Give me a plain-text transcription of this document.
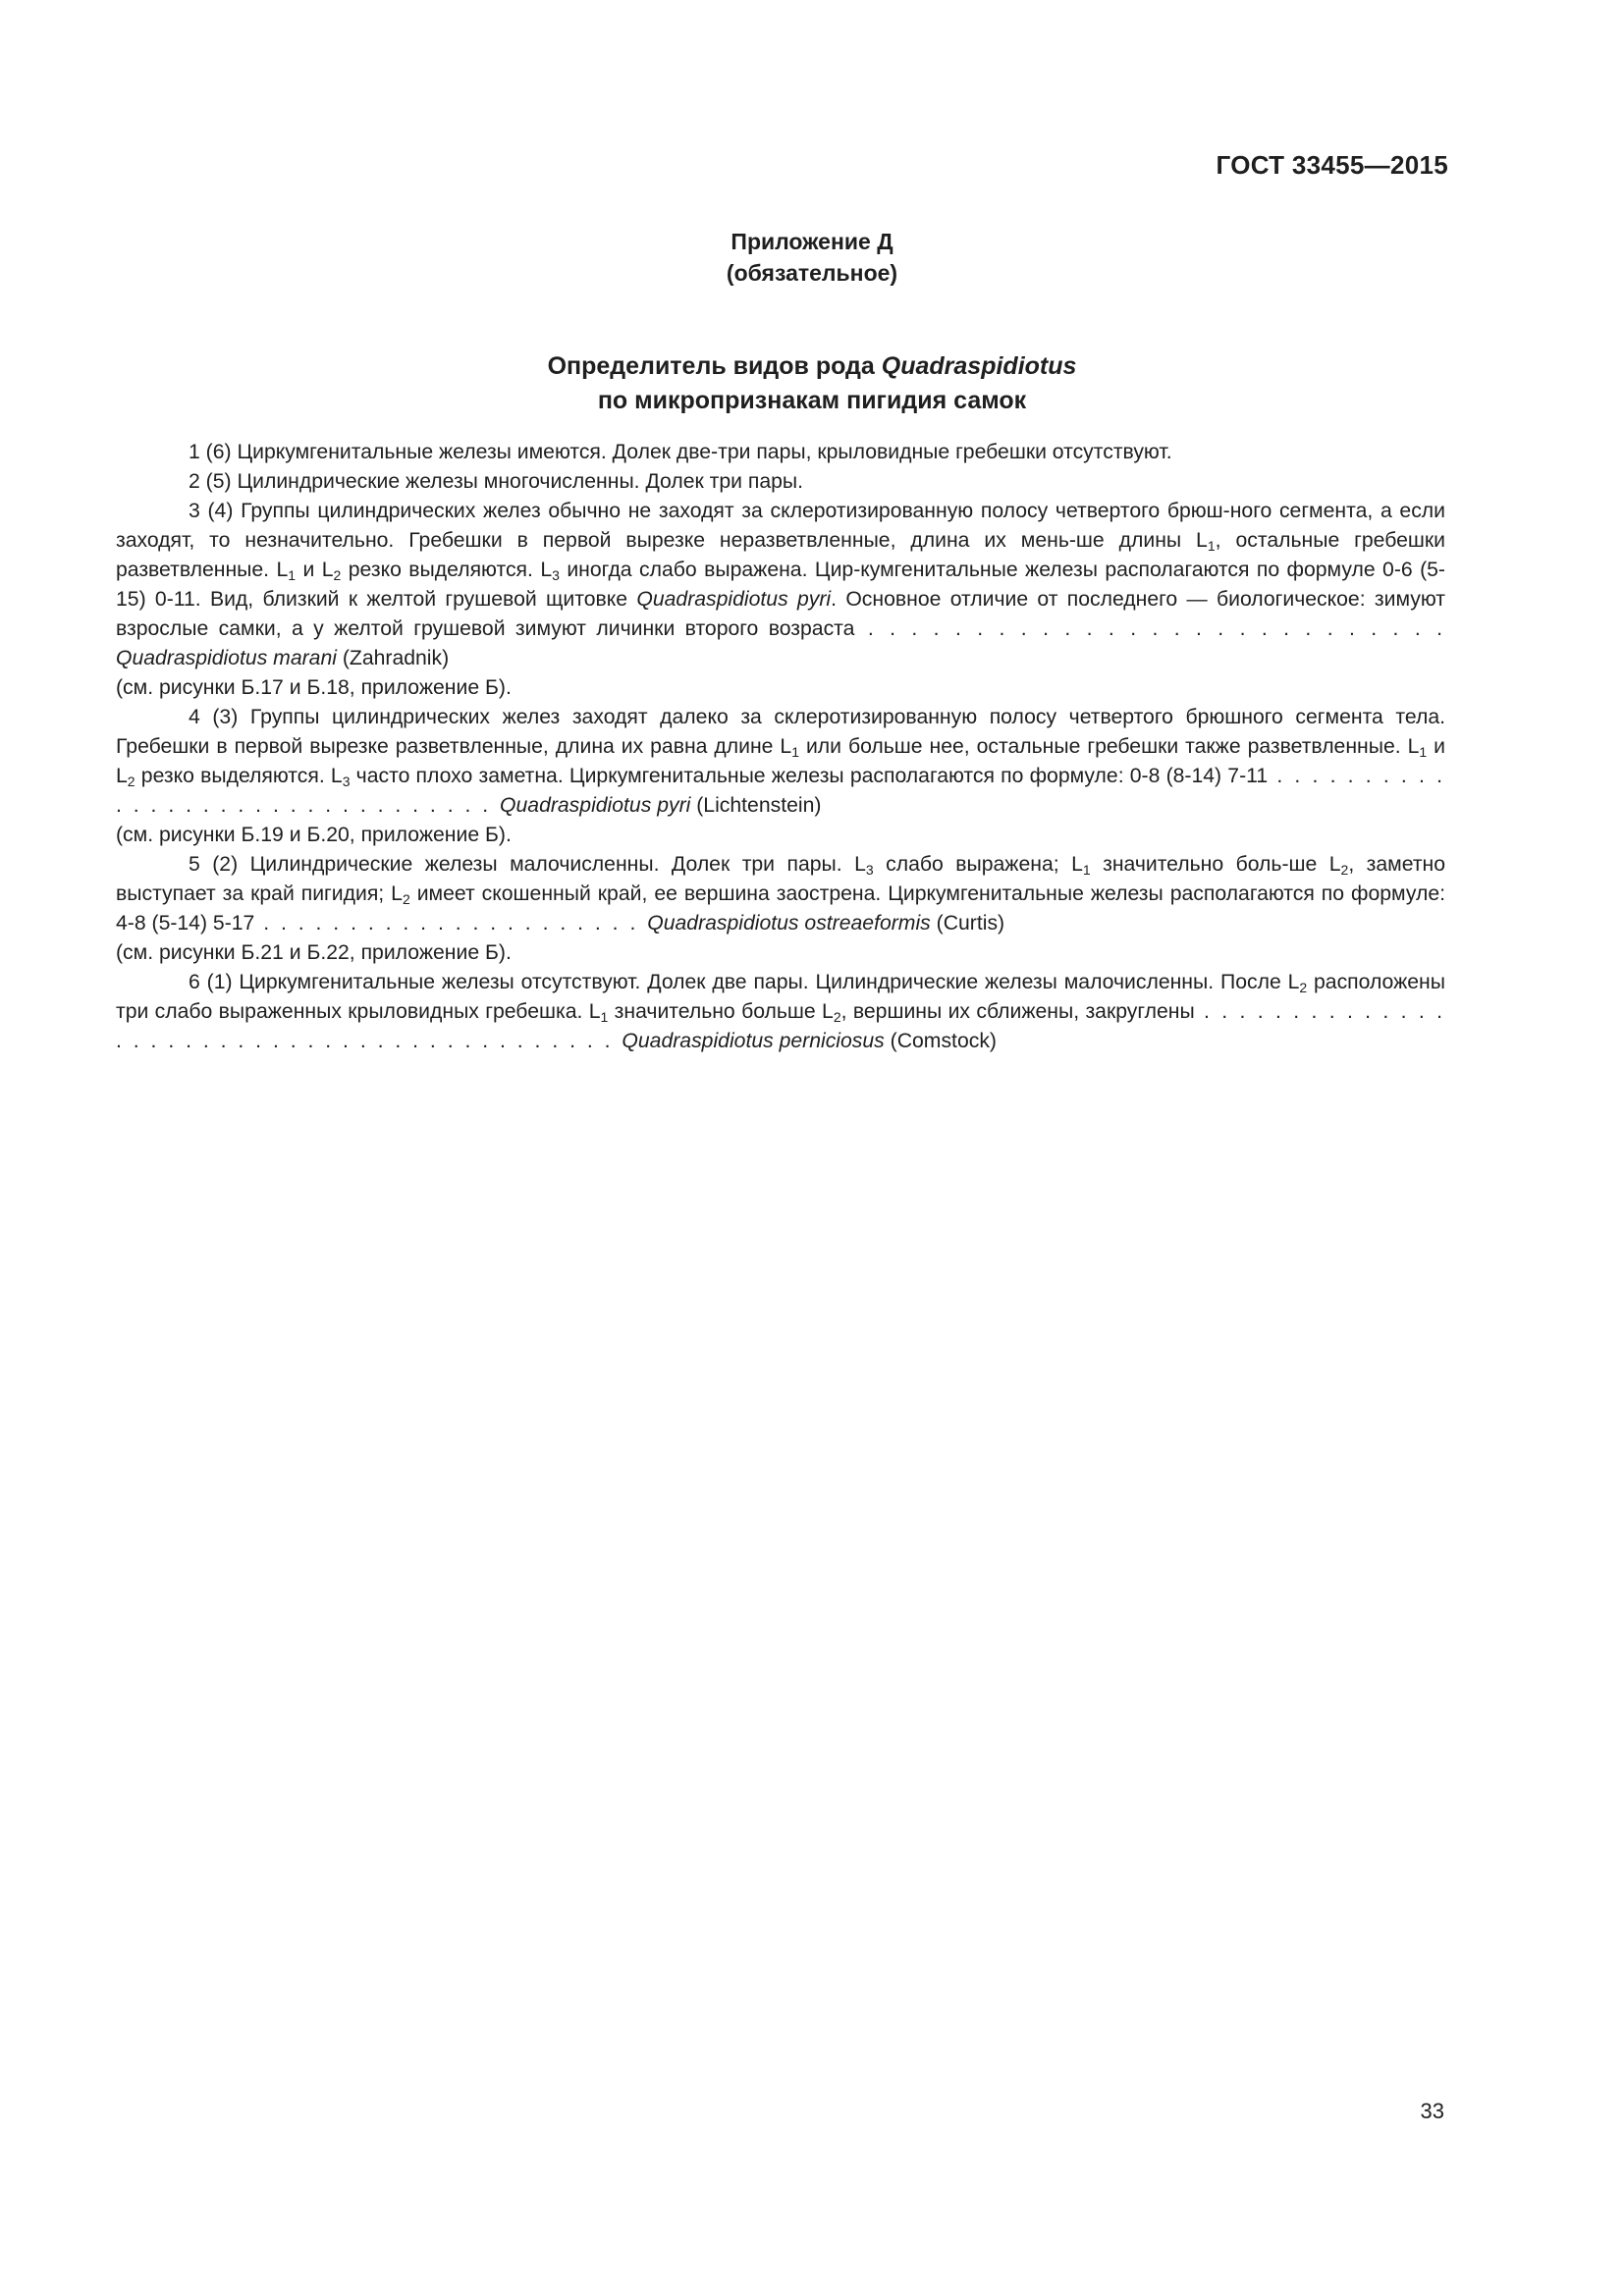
ГОСТ 33455—2015
Приложение Д
(обязательное)
Определитель видов рода Quadraspidiotus
по микропризнакам пигидия самок
1 (6) Циркумгенитальные железы имеются. Долек две-три пары, крыловидные гребешки отсутствуют.
2 (5) Цилиндрические железы многочисленны. Долек три пары.
3 (4) Группы цилиндрических желез обычно не заходят за склеротизированную полосу четвертого брюш-ного сегмента, а если заходят, то незначительно. Гребешки в первой вырезке неразветвленные, длина их мень-ше длины $L_1$, остальные гребешки разветвленные. $L_1$ и $L_2$ резко выделяются. $L_3$ иногда слабо выражена. Цир-кумгенитальные железы располагаются по формуле 0-6 (5-15) 0-11. Вид, близкий к желтой грушевой щитовке Quadraspidiotus pyri. Основное отличие от последнего — биологическое: зимуют взрослые самки, а у желтой грушевой зимуют личинки второго возраста . . . . . . . . . . . . . . . . . . . . . . . . . . . Quadraspidiotus marani (Zahradnik)
(см. рисунки Б.17 и Б.18, приложение Б).
4 (3) Группы цилиндрических желез заходят далеко за склеротизированную полосу четвертого брюшного сегмента тела. Гребешки в первой вырезке разветвленные, длина их равна длине $L_1$ или больше нее, остальные гребешки также разветвленные. $L_1$ и $L_2$ резко выделяются. $L_3$ часто плохо заметна. Циркумгенитальные железы располагаются по формуле: 0-8 (8-14) 7-11 . . . . . . . . . . . . . . . . . . . . . . . . . . . . . . . . Quadraspidiotus pyri (Lichtenstein)
(см. рисунки Б.19 и Б.20, приложение Б).
5 (2) Цилиндрические железы малочисленны. Долек три пары. $L_3$ слабо выражена; $L_1$ значительно боль-ше $L_2$, заметно выступает за край пигидия; $L_2$ имеет скошенный край, ее вершина заострена. Циркумгенитальные железы располагаются по формуле: 4-8 (5-14) 5-17 . . . . . . . . . . . . . . . . . . . . . . Quadraspidiotus ostreaeformis (Curtis)
(см. рисунки Б.21 и Б.22, приложение Б).
6 (1) Циркумгенитальные железы отсутствуют. Долек две пары. Цилиндрические железы малочисленны. После $L_2$ расположены три слабо выраженных крыловидных гребешка. $L_1$ значительно больше $L_2$, вершины их сближены, закруглены . . . . . . . . . . . . . . . . . . . . . . . . . . . . . . . . . . . . . . . . . . . Quadraspidiotus perniciosus (Comstock)
33
